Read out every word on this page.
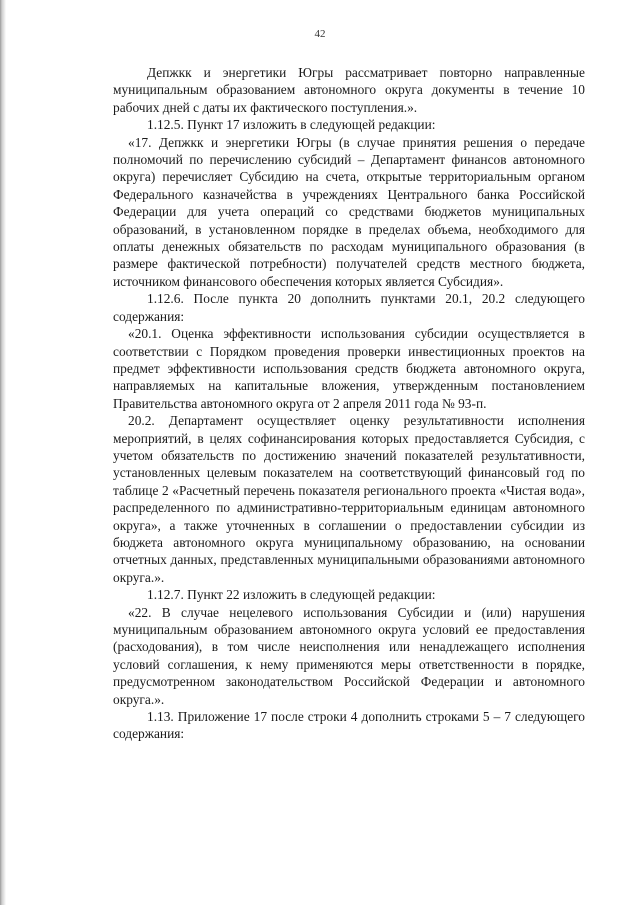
42

Депжкк и энергетики Югры рассматривает повторно направленные муниципальным образованием автономного округа документы в течение 10 рабочих дней с даты их фактического поступления.».

1.12.5. Пункт 17 изложить в следующей редакции:

«17. Депжкк и энергетики Югры (в случае принятия решения о передаче полномочий по перечислению субсидий – Департамент финансов автономного округа) перечисляет Субсидию на счета, открытые территориальным органом Федерального казначейства в учреждениях Центрального банка Российской Федерации для учета операций со средствами бюджетов муниципальных образований, в установленном порядке в пределах объема, необходимого для оплаты денежных обязательств по расходам муниципального образования (в размере фактической потребности) получателей средств местного бюджета, источником финансового обеспечения которых является Субсидия».

1.12.6. После пункта 20 дополнить пунктами 20.1, 20.2 следующего содержания:

«20.1. Оценка эффективности использования субсидии осуществляется в соответствии с Порядком проведения проверки инвестиционных проектов на предмет эффективности использования средств бюджета автономного округа, направляемых на капитальные вложения, утвержденным постановлением Правительства автономного округа от 2 апреля 2011 года № 93-п.

20.2. Департамент осуществляет оценку результативности исполнения мероприятий, в целях софинансирования которых предоставляется Субсидия, с учетом обязательств по достижению значений показателей результативности, установленных целевым показателем на соответствующий финансовый год по таблице 2 «Расчетный перечень показателя регионального проекта «Чистая вода», распределенного по административно-территориальным единицам автономного округа», а также уточненных в соглашении о предоставлении субсидии из бюджета автономного округа муниципальному образованию, на основании отчетных данных, представленных муниципальными образованиями автономного округа.».

1.12.7. Пункт 22 изложить в следующей редакции:

«22. В случае нецелевого использования Субсидии и (или) нарушения муниципальным образованием автономного округа условий ее предоставления (расходования), в том числе неисполнения или ненадлежащего исполнения условий соглашения, к нему применяются меры ответственности в порядке, предусмотренном законодательством Российской Федерации и автономного округа.».

1.13. Приложение 17 после строки 4 дополнить строками 5 – 7 следующего содержания:
